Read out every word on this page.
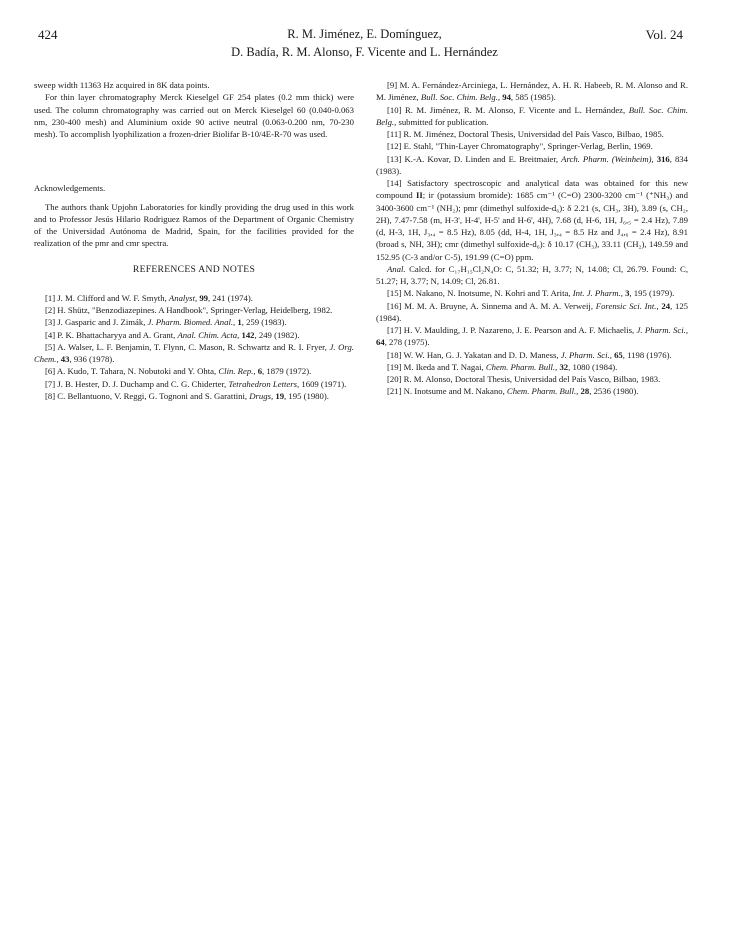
424	R. M. Jiménez, E. Domínguez,
D. Badía, R. M. Alonso, F. Vicente and L. Hernández
Vol. 24

sweep width 11363 Hz acquired in 8K data points.

For thin layer chromatography Merck Kieselgel GF 254 plates (0.2 mm thick) were used. The column chromatography was carried out on Merck Kieselgel 60 (0.040-0.063 nm, 230-400 mesh) and Aluminium oxide 90 active neutral (0.063-0.200 nm, 70-230 mesh). To accomplish lyophilization a frozen-drier Biolifar B-10/4E-R-70 was used.

Acknowledgements.

The authors thank Upjohn Laboratories for kindly providing the drug used in this work and to Professor Jesús Hilario Rodriguez Ramos of the Department of Organic Chemistry of the Universidad Autónoma de Madrid, Spain, for the facilities provided for the realization of the pmr and cmr spectra.

REFERENCES AND NOTES

[1] J. M. Clifford and W. F. Smyth, Analyst, 99, 241 (1974).

[2] H. Shütz, "Benzodiazepines. A Handbook", Springer-Verlag, Heidelberg, 1982.

[3] J. Gasparic and J. Zimák, J. Pharm. Biomed. Anal., 1, 259 (1983).

[4] P. K. Bhattacharyya and A. Grant, Anal. Chim. Acta, 142, 249 (1982).

[5] A. Walser, L. F. Benjamin, T. Flynn, C. Mason, R. Schwartz and R. I. Fryer, J. Org. Chem., 43, 936 (1978).

[6] A. Kudo, T. Tahara, N. Nobutoki and Y. Ohta, Clin. Rep., 6, 1879 (1972).

[7] J. B. Hester, D. J. Duchamp and C. G. Chiderter, Tetrahedron Letters, 1609 (1971).

[8] C. Bellantuono, V. Reggi, G. Tognoni and S. Garattini, Drugs, 19, 195 (1980).

[9] M. A. Fernández-Arciniega, L. Hernández, A. H. R. Habeeb, R. M. Alonso and R. M. Jiménez, Bull. Soc. Chim. Belg., 94, 585 (1985).

[10] R. M. Jiménez, R. M. Alonso, F. Vicente and L. Hernández, Bull. Soc. Chim. Belg., submitted for publication.

[11] R. M. Jiménez, Doctoral Thesis, Universidad del País Vasco, Bilbao, 1985.

[12] E. Stahl, "Thin-Layer Chromatography", Springer-Verlag, Berlin, 1969.

[13] K.-A. Kovar, D. Linden and E. Breitmaier, Arch. Pharm. (Weinheim), 316, 834 (1983).

[14] Satisfactory spectroscopic and analytical data was obtained for this new compound II; ir (potassium bromide): 1685 cm⁻¹ (C=O) 2300-3200 cm⁻¹ (⁺NH₃) and 3400-3600 cm⁻¹ (NH₂); pmr (dimethyl sulfoxide-d₆): δ 2.21 (s, CH₃, 3H), 3.89 (s, CH₂, 2H), 7.47-7.58 (m, H-3', H-4', H-5' and H-6', 4H), 7.68 (d, H-6, 1H, J₆,₅ = 2.4 Hz), 7.89 (d, H-3, 1H, J₃,₄ = 8.5 Hz), 8.05 (dd, H-4, 1H, J₃,₄ = 8.5 Hz and J₄,₆ = 2.4 Hz), 8.91 (broad s, NH, 3H); cmr (dimethyl sulfoxide-d₆): δ 10.17 (CH₃), 33.11 (CH₂), 149.59 and 152.95 (C-3 and/or C-5), 191.99 (C=O) ppm.

Anal. Calcd. for C₁₇H₁₅Cl₂N₄O: C, 51.32; H, 3.77; N, 14.08; Cl, 26.79. Found: C, 51.27; H, 3.77; N, 14.09; Cl, 26.81.

[15] M. Nakano, N. Inotsume, N. Kohri and T. Arita, Int. J. Pharm., 3, 195 (1979).

[16] M. M. A. Bruyne, A. Sinnema and A. M. A. Verweij, Forensic Sci. Int., 24, 125 (1984).

[17] H. V. Maulding, J. P. Nazareno, J. E. Pearson and A. F. Michaelis, J. Pharm. Sci., 64, 278 (1975).

[18] W. W. Han, G. J. Yakatan and D. D. Maness, J. Pharm. Sci., 65, 1198 (1976).

[19] M. Ikeda and T. Nagai, Chem. Pharm. Bull., 32, 1080 (1984).

[20] R. M. Alonso, Doctoral Thesis, Universidad del País Vasco, Bilbao, 1983.

[21] N. Inotsume and M. Nakano, Chem. Pharm. Bull., 28, 2536 (1980).
